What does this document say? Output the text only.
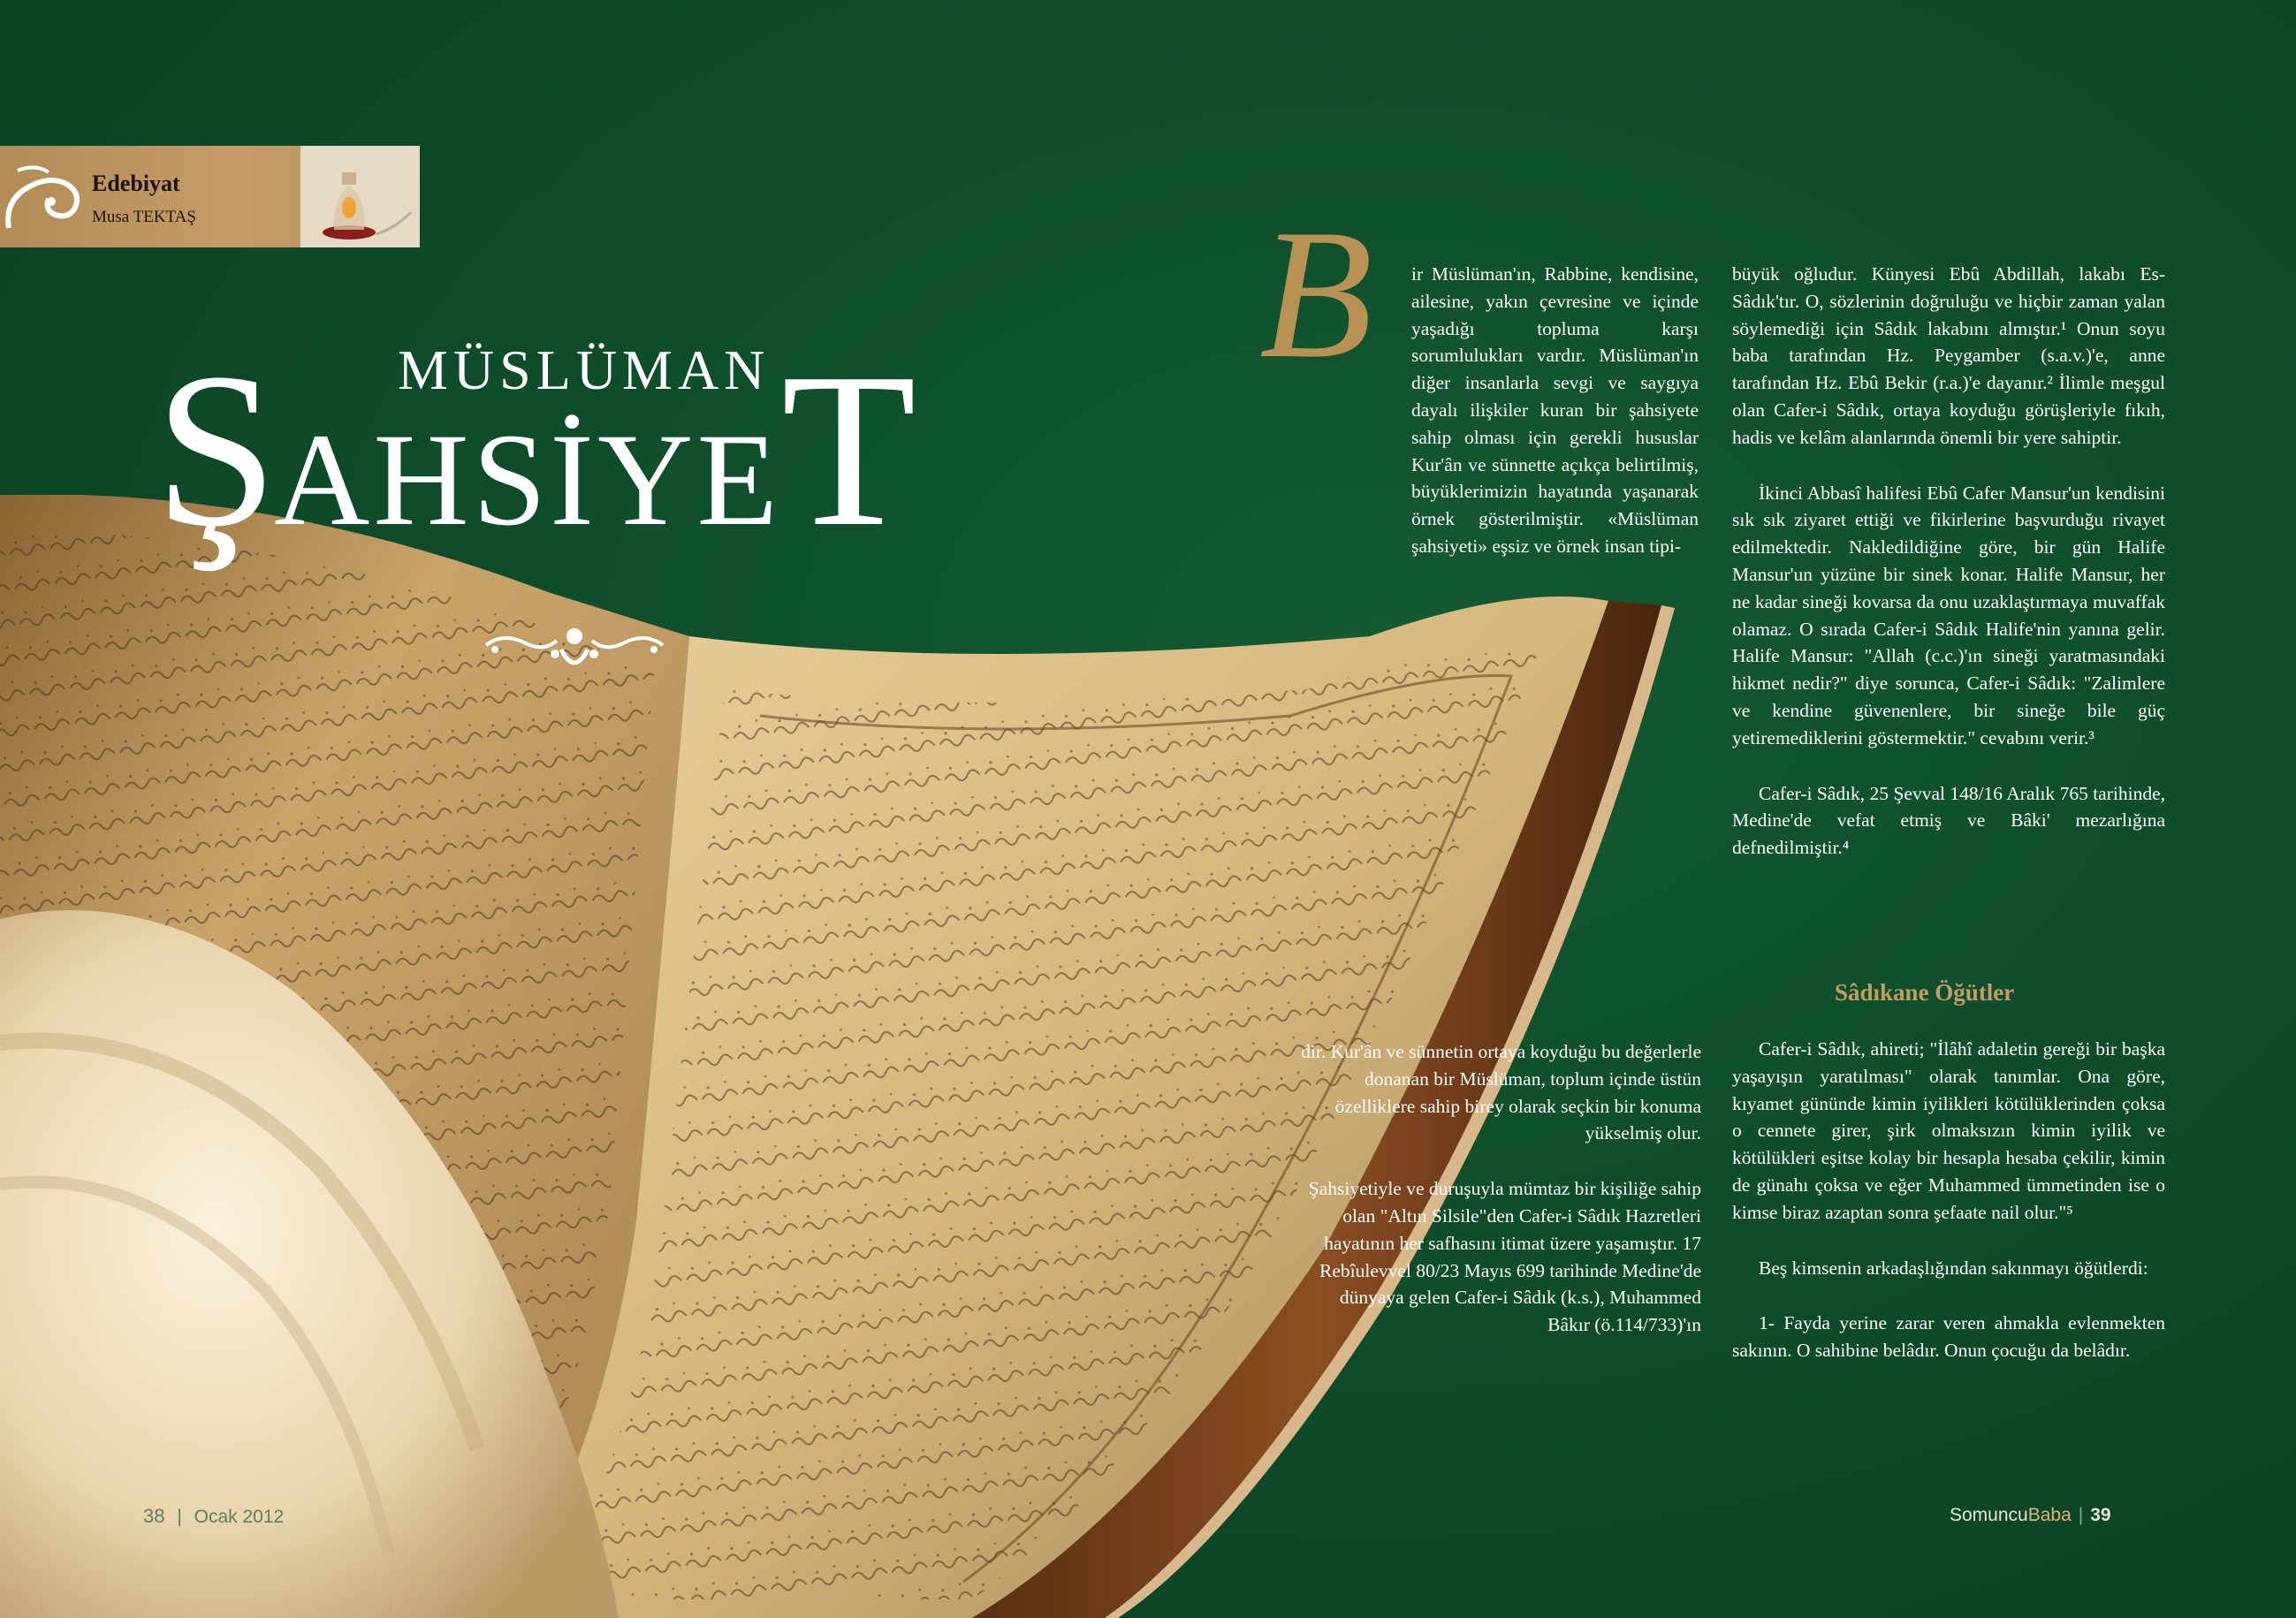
Edebiyat
Musa TEKTAŞ
MÜSLÜMAN
ŞAHSİYET
B	ir Müslüman'ın, Rabbine, kendisine, ailesine, yakın çevresine ve içinde yaşadığı topluma karşı sorumlulukları vardır. Müslüman'ın diğer insanlarla sevgi ve saygıya dayalı ilişkiler kuran bir şahsiyete sahip olması için gerekli hususlar Kur'ân ve sünnette açıkça belirtilmiş, büyüklerimizin hayatında yaşanarak örnek gösterilmiştir. «Müslüman şahsiyeti» eşsiz ve örnek insan tipi-

dir. Kur'ân ve sünnetin ortaya koyduğu bu değerlerle donanan bir Müslüman, toplum içinde üstün özelliklere sahip birey olarak seçkin bir konuma yükselmiş olur.

Şahsiyetiyle ve duruşuyla mümtaz bir kişiliğe sahip olan "Altın Silsile"den Cafer-i Sâdık Hazretleri hayatının her safhasını itimat üzere yaşamıştır. 17 Rebîulevvel 80/23 Mayıs 699 tarihinde Medine'de dünyaya gelen Cafer-i Sâdık (k.s.), Muhammed Bâkır (ö.114/733)'ın

büyük oğludur. Künyesi Ebû Abdillah, lakabı Es-Sâdık'tır. O, sözlerinin doğruluğu ve hiçbir zaman yalan söylemediği için Sâdık lakabını almıştır.¹ Onun soyu baba tarafından Hz. Peygamber (s.a.v.)'e, anne tarafından Hz. Ebû Bekir (r.a.)'e dayanır.² İlimle meşgul olan Cafer-i Sâdık, ortaya koyduğu görüşleriyle fıkıh, hadis ve kelâm alanlarında önemli bir yere sahiptir.

İkinci Abbasî halifesi Ebû Cafer Mansur'un kendisini sık sık ziyaret ettiği ve fikirlerine başvurduğu rivayet edilmektedir. Nakledildiğine göre, bir gün Halife Mansur'un yüzüne bir sinek konar. Halife Mansur, her ne kadar sineği kovarsa da onu uzaklaştırmaya muvaffak olamaz. O sırada Cafer-i Sâdık Halife'nin yanına gelir. Halife Mansur: "Allah (c.c.)'ın sineği yaratmasındaki hikmet nedir?" diye sorunca, Cafer-i Sâdık: "Zalimlere ve kendine güvenenlere, bir sineğe bile güç yetiremediklerini göstermektir." cevabını verir.³

Cafer-i Sâdık, 25 Şevval 148/16 Aralık 765 tarihinde, Medine'de vefat etmiş ve Bâki' mezarlığına defnedilmiştir.⁴

Sâdıkane Öğütler

Cafer-i Sâdık, ahireti; "İlâhî adaletin gereği bir başka yaşayışın yaratılması" olarak tanımlar. Ona göre, kıyamet gününde kimin iyilikleri kötülüklerinden çoksa o cennete girer, şirk olmaksızın kimin iyilik ve kötülükleri eşitse kolay bir hesapla hesaba çekilir, kimin de günahı çoksa ve eğer Muhammed ümmetinden ise o kimse biraz azaptan sonra şefaate nail olur."⁵

Beş kimsenin arkadaşlığından sakınmayı öğütlerdi:

1- Fayda yerine zarar veren ahmakla evlenmekten sakının. O sahibine belâdır. Onun çocuğu da belâdır.

38 | Ocak 2012	SomuncuBaba | 39
